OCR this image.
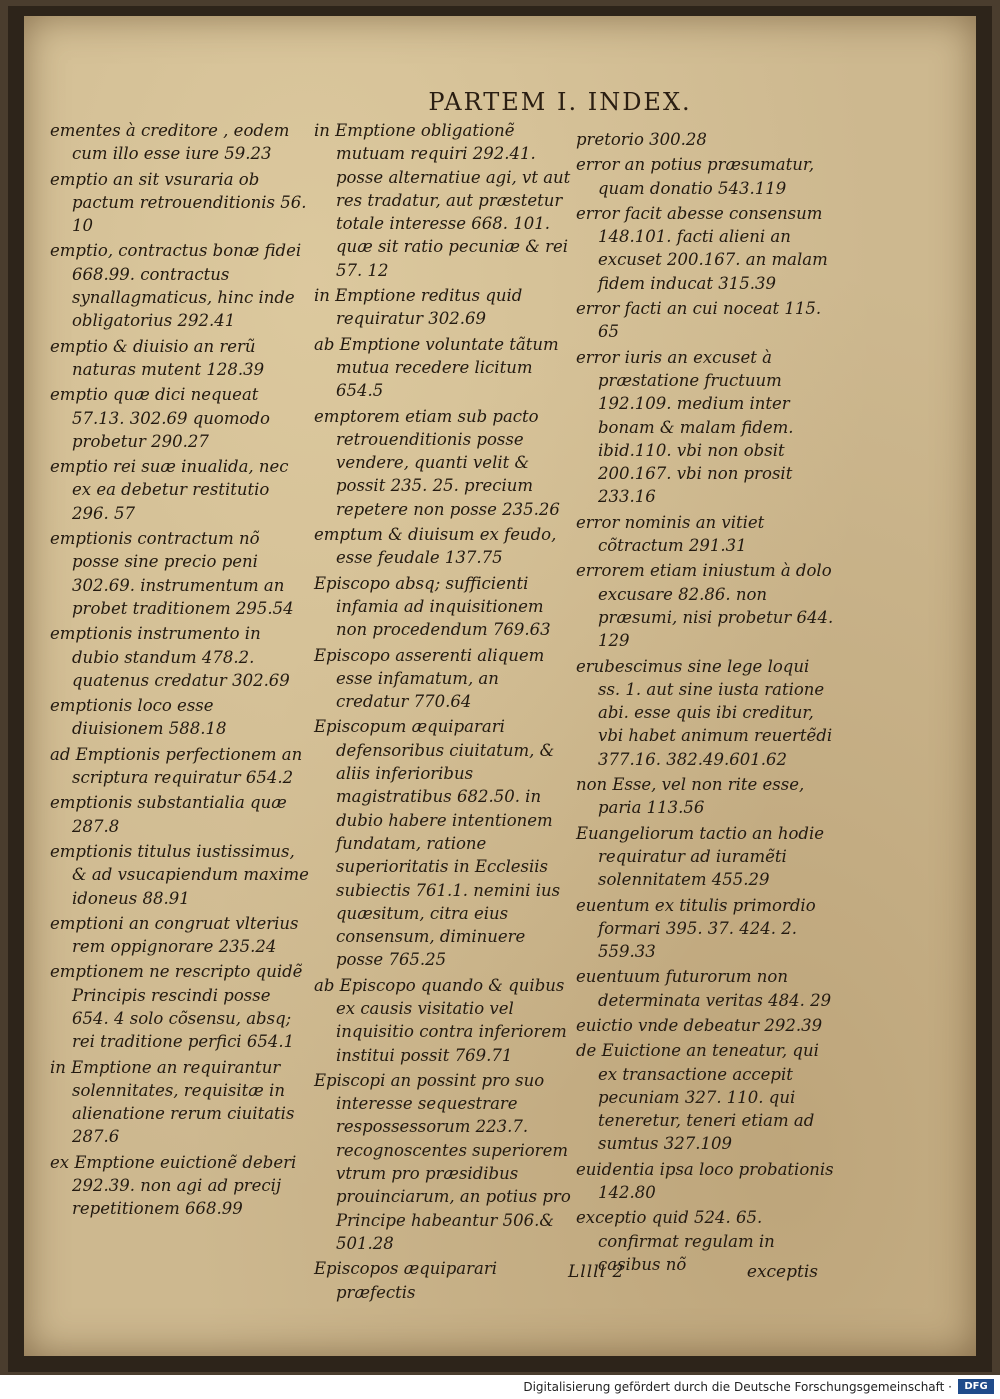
PARTEM I. INDEX.
ementes à creditore , eodem cum illo esse iure 59.23
emptio an sit vsuraria ob pactum retrouenditionis 56. 10
emptio, contractus bonæ fidei 668.99. contractus synallagmaticus, hinc inde obligatorius 292.41
emptio & diuisio an rerũ naturas mutent 128.39
emptio quæ dici nequeat 57.13. 302.69 quomodo probetur 290.27
emptio rei suæ inualida, nec ex ea debetur restitutio 296. 57
emptionis contractum nõ posse sine precio peni 302.69. instrumentum an probet traditionem 295.54
emptionis instrumento in dubio standum 478.2. quatenus credatur 302.69
emptionis loco esse diuisionem 588.18
ad Emptionis perfectionem an scriptura requiratur 654.2
emptionis substantialia quæ 287.8
emptionis titulus iustissimus, & ad vsucapiendum maxime idoneus 88.91
emptioni an congruat vlterius rem oppignorare 235.24
emptionem ne rescripto quidẽ Principis rescindi posse 654. 4 solo cõsensu, absq; rei traditione perfici 654.1
in Emptione an requirantur solennitates, requisitæ in alienatione rerum ciuitatis 287.6
ex Emptione euictionẽ deberi 292.39. non agi ad precij repetitionem 668.99
in Emptione obligationẽ mutuam requiri 292.41. posse alternatiue agi, vt aut res tradatur, aut præstetur totale interesse 668. 101. quæ sit ratio pecuniæ & rei 57. 12
in Emptione reditus quid requiratur 302.69
ab Emptione voluntate tãtum mutua recedere licitum 654.5
emptorem etiam sub pacto retrouenditionis posse vendere, quanti velit & possit 235. 25. precium repetere non posse 235.26
emptum & diuisum ex feudo, esse feudale 137.75
Episcopo absq; sufficienti infamia ad inquisitionem non procedendum 769.63
Episcopo asserenti aliquem esse infamatum, an credatur 770.64
Episcopum æquiparari defensoribus ciuitatum, & aliis inferioribus magistratibus 682.50. in dubio habere intentionem fundatam, ratione superioritatis in Ecclesiis subiectis 761.1. nemini ius quæsitum, citra eius consensum, diminuere posse 765.25
ab Episcopo quando & quibus ex causis visitatio vel inquisitio contra inferiorem institui possit 769.71
Episcopi an possint pro suo interesse sequestrare respossessorum 223.7. recognoscentes superiorem vtrum pro præsidibus prouinciarum, an potius pro Principe habeantur 506.& 501.28
Episcopos æquiparari præfectis
pretorio 300.28
error an potius præsumatur, quam donatio 543.119
error facit abesse consensum 148.101. facti alieni an excuset 200.167. an malam fidem inducat 315.39
error facti an cui noceat 115. 65
error iuris an excuset à præstatione fructuum 192.109. medium inter bonam & malam fidem. ibid.110. vbi non obsit 200.167. vbi non prosit 233.16
error nominis an vitiet cõtractum 291.31
errorem etiam iniustum à dolo excusare 82.86. non præsumi, nisi probetur 644. 129
erubescimus sine lege loqui ss. 1. aut sine iusta ratione abi. esse quis ibi creditur, vbi habet animum reuertẽdi 377.16. 382.49.601.62
non Esse, vel non rite esse, paria 113.56
Euangeliorum tactio an hodie requiratur ad iuramẽti solennitatem 455.29
euentum ex titulis primordio formari 395. 37. 424. 2. 559.33
euentuum futurorum non determinata veritas 484. 29
euictio vnde debeatur 292.39
de Euictione an teneatur, qui ex transactione accepit pecuniam 327. 110. qui teneretur, teneri etiam ad sumtus 327.109
euidentia ipsa loco probationis 142.80
exceptio quid 524. 65. confirmat regulam in casibus nõ
Lllll 2	exceptis
Digitalisierung gefördert durch die Deutsche Forschungsgemeinschaft ·	DFG
